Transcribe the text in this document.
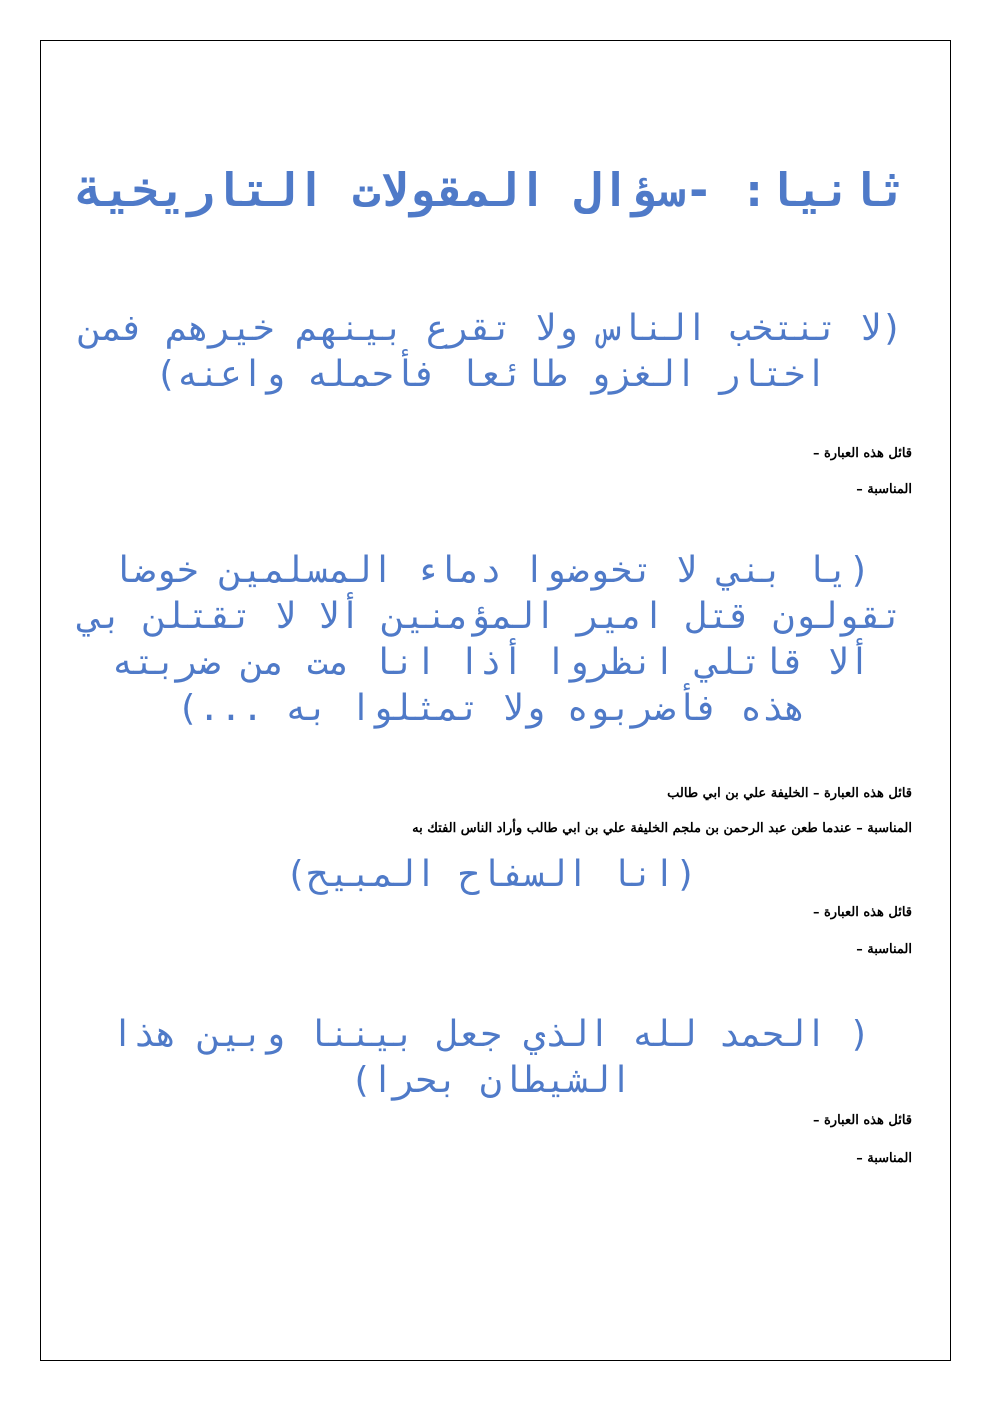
ثانيا: -سؤال المقولات التاريخية

(لا تنتخب الناس ولا تقرع بينهم خيرهم فمن اختار الغزو طائعا فأحمله واعنه)

قائل هذه العبارة –

المناسبة –

(يا بني لا تخوضوا دماء المسلمين خوضا تقولون قتل امير المؤمنين ألا لا تقتلن بي ألا قاتلي انظروا أذا انا مت من ضربته هذه فأضربوه ولا تمثلوا به ...)

قائل هذه العبارة – الخليفة علي بن ابي طالب

المناسبة – عندما طعن عبد الرحمن بن ملجم الخليفة علي بن ابي طالب وأراد الناس الفتك به

(انا السفاح المبيح)

قائل هذه العبارة –

المناسبة –

( الحمد لله الذي جعل بيننا وبين هذا الشيطان بحرا)

قائل هذه العبارة –

المناسبة –
